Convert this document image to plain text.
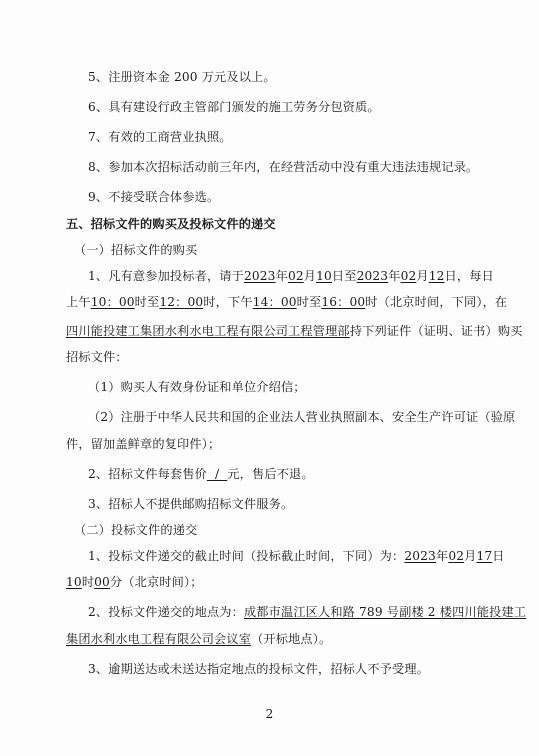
5、注册资本金 200 万元及以上。
6、具有建设行政主管部门颁发的施工劳务分包资质。
7、有效的工商营业执照。
8、参加本次招标活动前三年内，在经营活动中没有重大违法违规记录。
9、不接受联合体参选。
五、招标文件的购买及投标文件的递交
（一）招标文件的购买
1、凡有意参加投标者，请于2023年02月10日至2023年02月12日，每日
上午10：00时至12：00时，下午14：00时至16：00时（北京时间，下同），在
四川能投建工集团水利水电工程有限公司工程管理部持下列证件（证明、证书）购买
招标文件：
（1）购买人有效身份证和单位介绍信；
（2）注册于中华人民共和国的企业法人营业执照副本、安全生产许可证（验原
件，留加盖鲜章的复印件）；
2、招标文件每套售价  /  元，售后不退。
3、招标人不提供邮购招标文件服务。
（二）投标文件的递交
1、投标文件递交的截止时间（投标截止时间，下同）为：2023年02月17日
10时00分（北京时间）；
2、投标文件递交的地点为：成都市温江区人和路 789 号副楼 2 楼四川能投建工
集团水利水电工程有限公司会议室（开标地点）。
3、逾期送达或未送达指定地点的投标文件，招标人不予受理。
2
